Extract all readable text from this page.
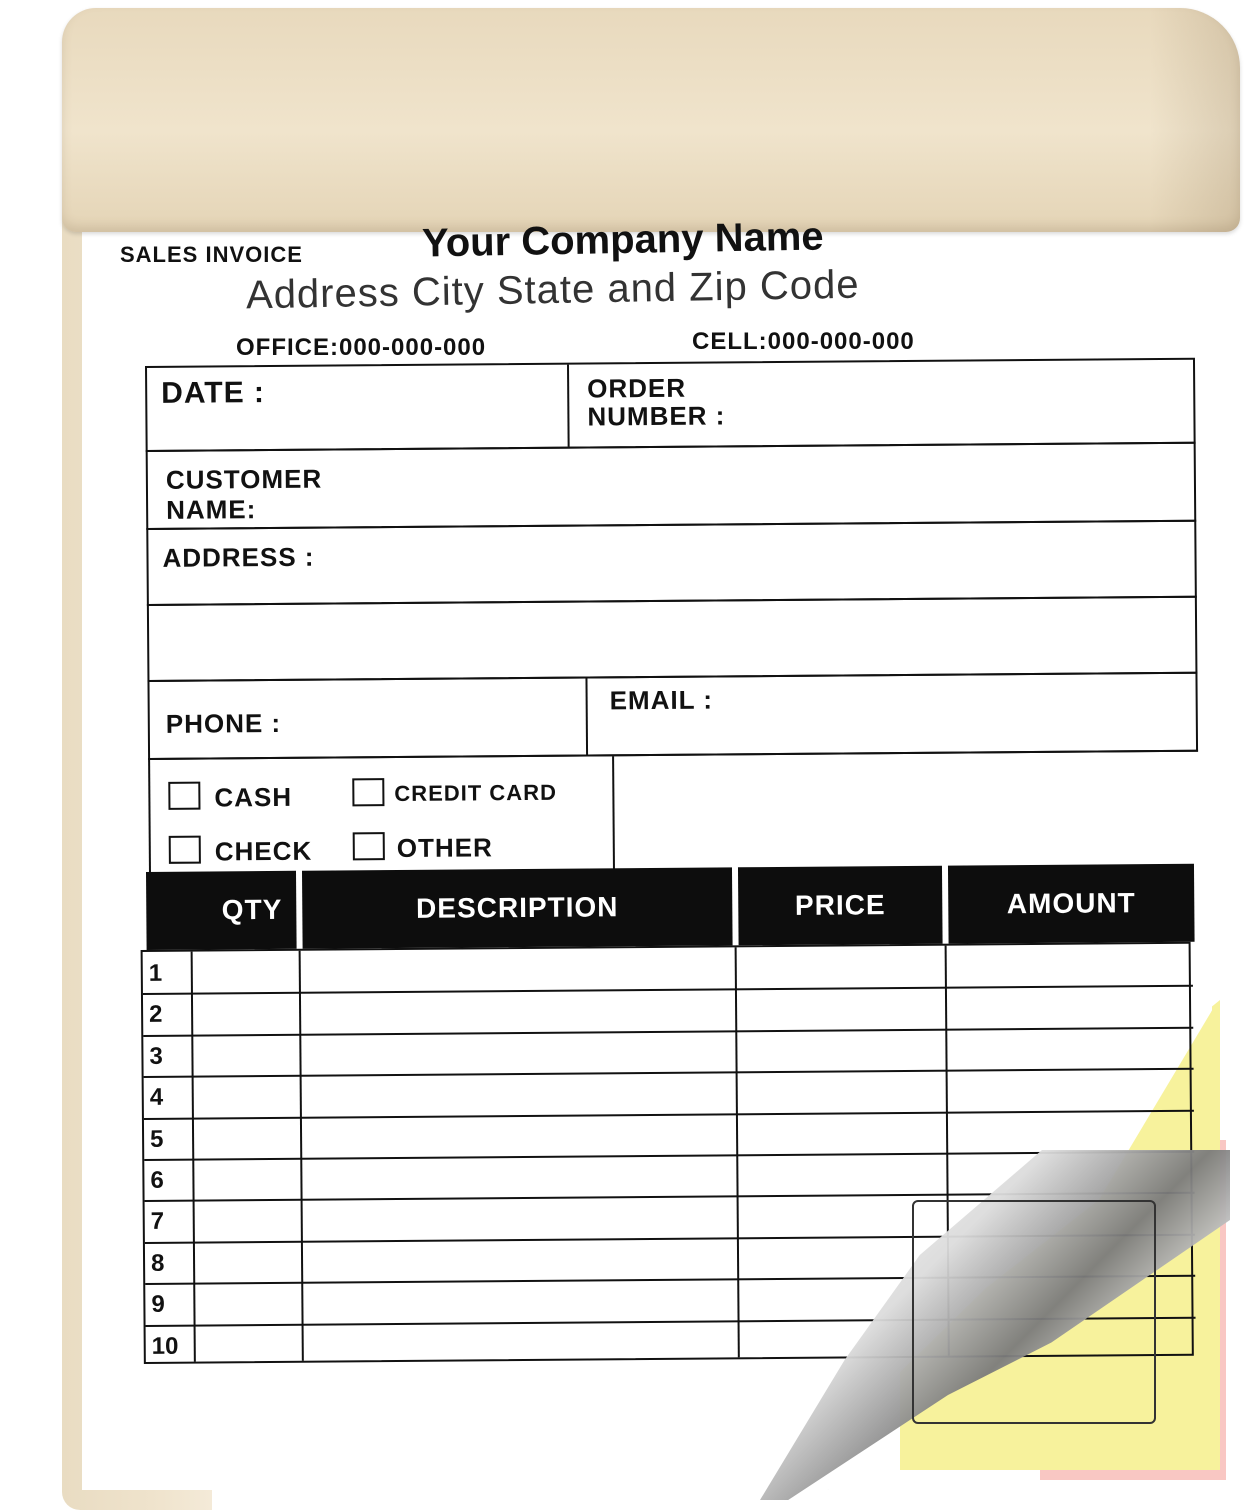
SALES INVOICE	Your Company Name
Address City State and Zip Code
OFFICE:000-000-000	CELL:000-000-000
DATE :	ORDER
NUMBER :
CUSTOMER
NAME:
ADDRESS :
PHONE :
EMAIL :
CASH	CREDIT CARD
CHECK	OTHER
QTY	DESCRIPTION	PRICE	AMOUNT
1
2
3
4
5
6
7
8
9
10
